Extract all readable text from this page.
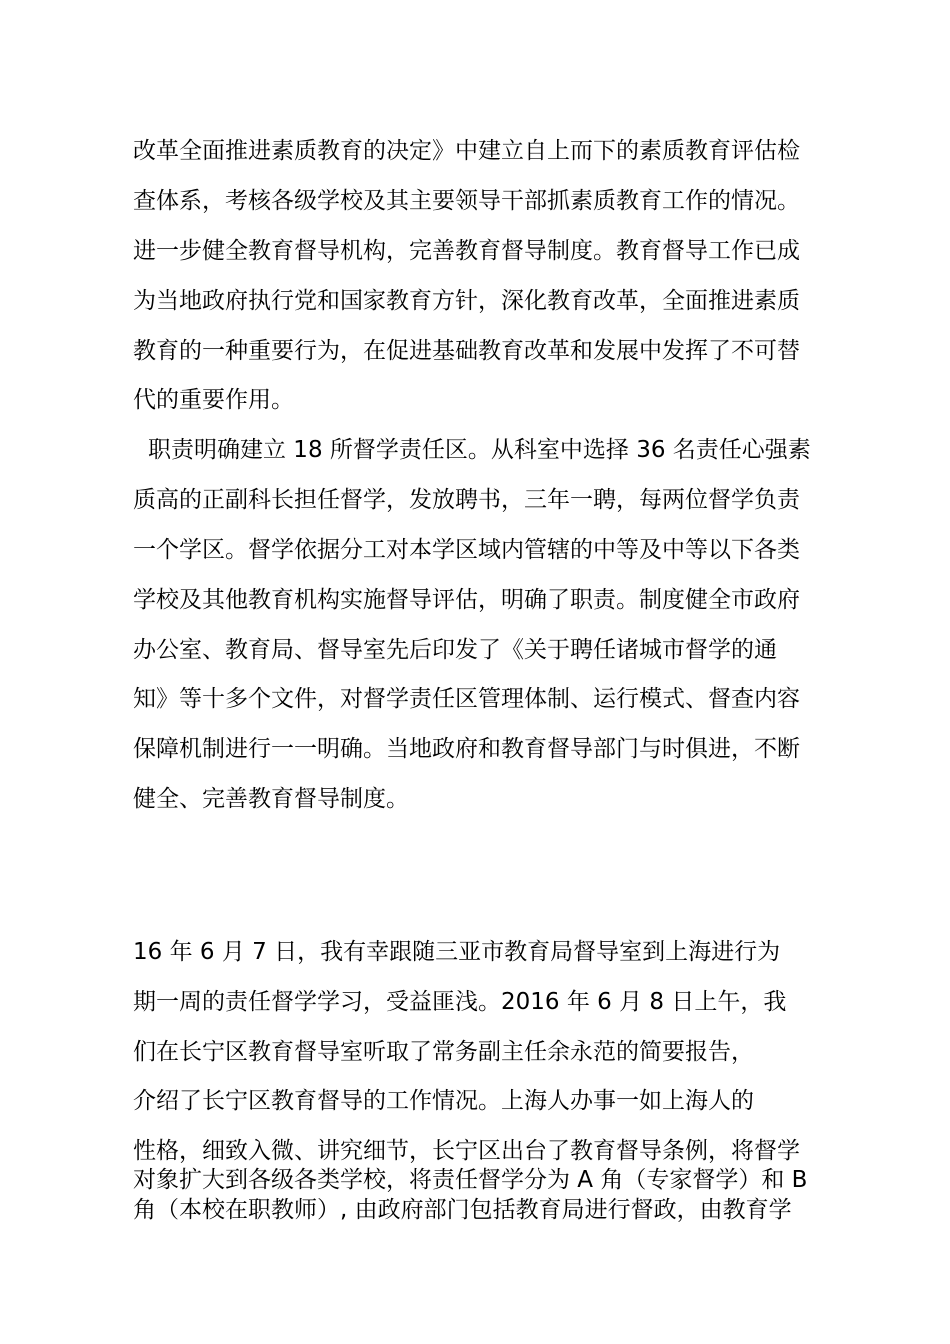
改革全面推进素质教育的决定》中建立自上而下的素质教育评估检
查体系，考核各级学校及其主要领导干部抓素质教育工作的情况。
进一步健全教育督导机构，完善教育督导制度。教育督导工作已成
为当地政府执行党和国家教育方针，深化教育改革，全面推进素质
教育的一种重要行为，在促进基础教育改革和发展中发挥了不可替
代的重要作用。
职责明确建立 18 所督学责任区。从科室中选择 36 名责任心强素
质高的正副科长担任督学，发放聘书，三年一聘，每两位督学负责
一个学区。督学依据分工对本学区域内管辖的中等及中等以下各类
学校及其他教育机构实施督导评估，明确了职责。制度健全市政府
办公室、教育局、督导室先后印发了《关于聘任诸城市督学的通
知》等十多个文件，对督学责任区管理体制、运行模式、督查内容
保障机制进行一一明确。当地政府和教育督导部门与时俱进，不断
健全、完善教育督导制度。
16 年 6 月 7 日，我有幸跟随三亚市教育局督导室到上海进行为
期一周的责任督学学习，受益匪浅。2016 年 6 月 8 日上午，我
们在长宁区教育督导室听取了常务副主任余永范的简要报告，
介绍了长宁区教育督导的工作情况。上海人办事一如上海人的
性格，细致入微、讲究细节，长宁区出台了教育督导条例，将督学
对象扩大到各级各类学校，将责任督学分为 A 角（专家督学）和 B
角（本校在职教师）, 由政府部门包括教育局进行督政，由教育学
